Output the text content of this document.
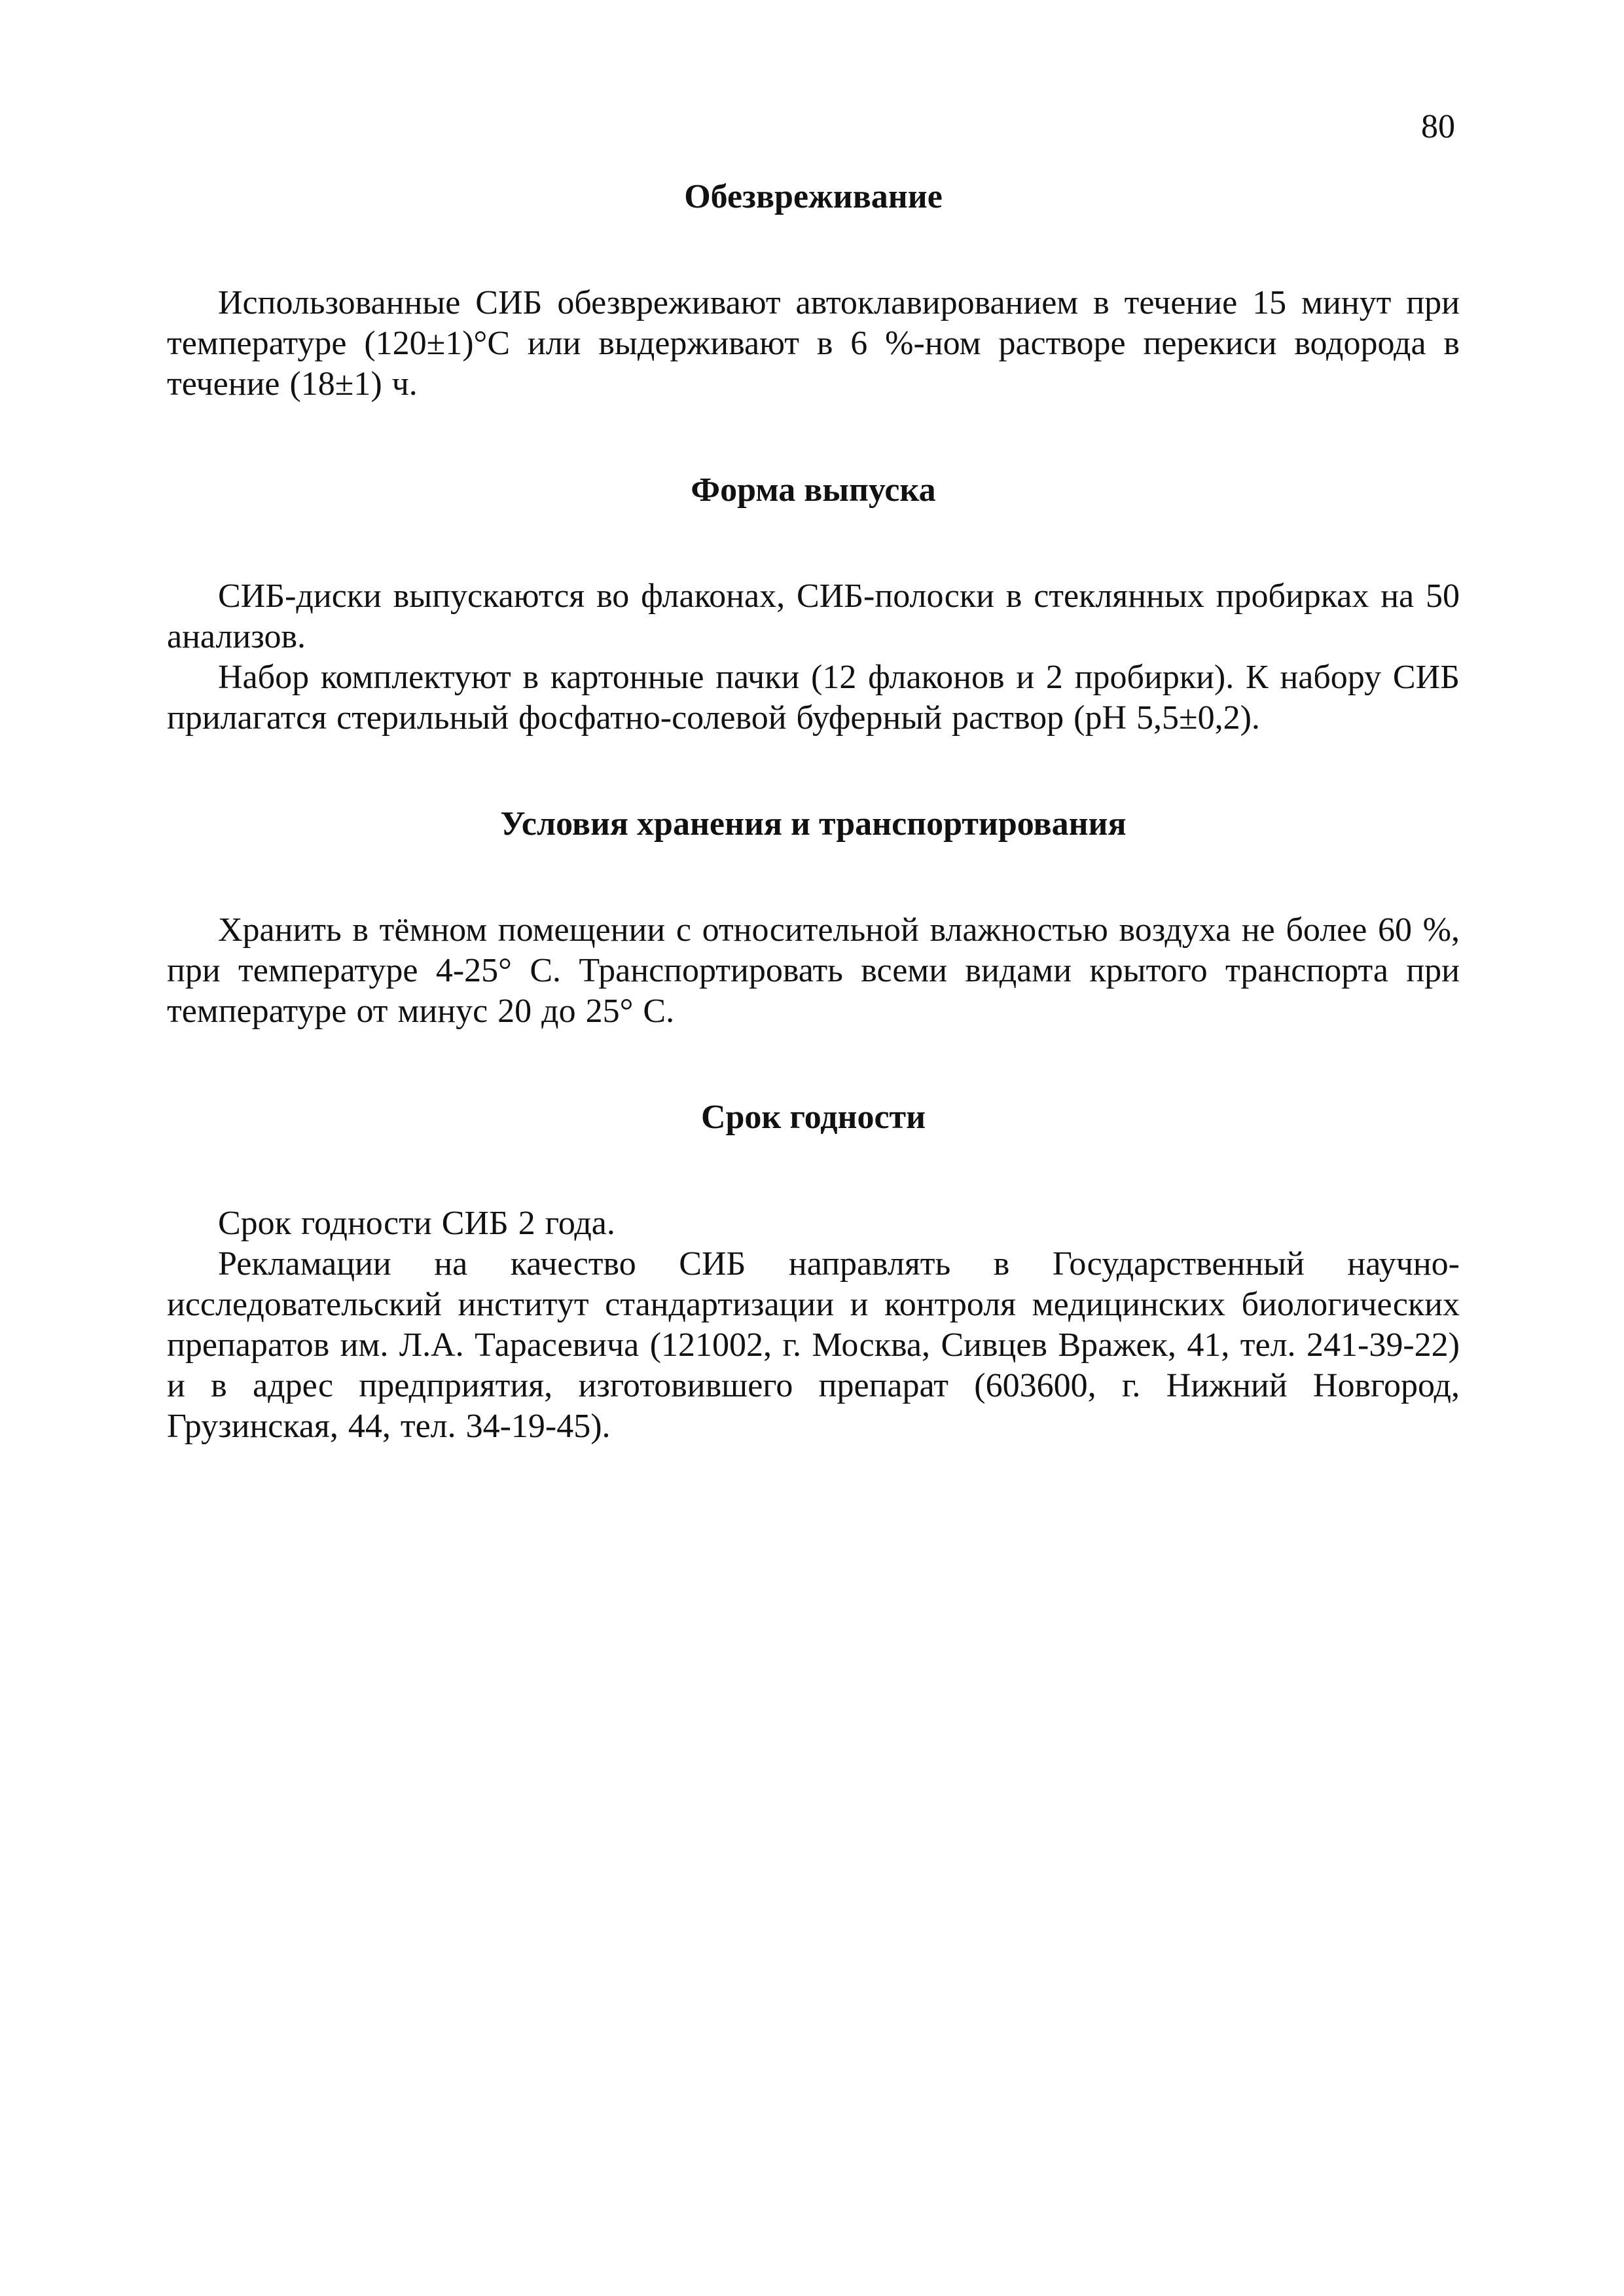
80
Обезвреживание

Использованные СИБ обезвреживают автоклавированием в течение 15 минут при температуре (120±1)°С или выдерживают в 6 %-ном растворе перекиси водорода в течение (18±1) ч.

Форма выпуска

СИБ-диски выпускаются во флаконах, СИБ-полоски в стеклянных пробирках на 50 анализов.

Набор комплектуют в картонные пачки (12 флаконов и 2 пробирки). К набору СИБ прилагатся стерильный фосфатно-солевой буферный раствор (рН 5,5±0,2).

Условия хранения и транспортирования

Хранить в тёмном помещении с относительной влажностью воздуха не более 60 %, при температуре 4-25° С. Транспортировать всеми видами крытого транспорта при температуре от минус 20 до 25° С.

Срок годности

Срок годности СИБ 2 года.

Рекламации на качество СИБ направлять в Государственный научно-исследовательский институт стандартизации и контроля медицинских биологических препаратов им. Л.А. Тарасевича (121002, г. Москва, Сивцев Вражек, 41, тел. 241-39-22) и в адрес предприятия, изготовившего препарат (603600, г. Нижний Новгород, Грузинская, 44, тел. 34-19-45).
